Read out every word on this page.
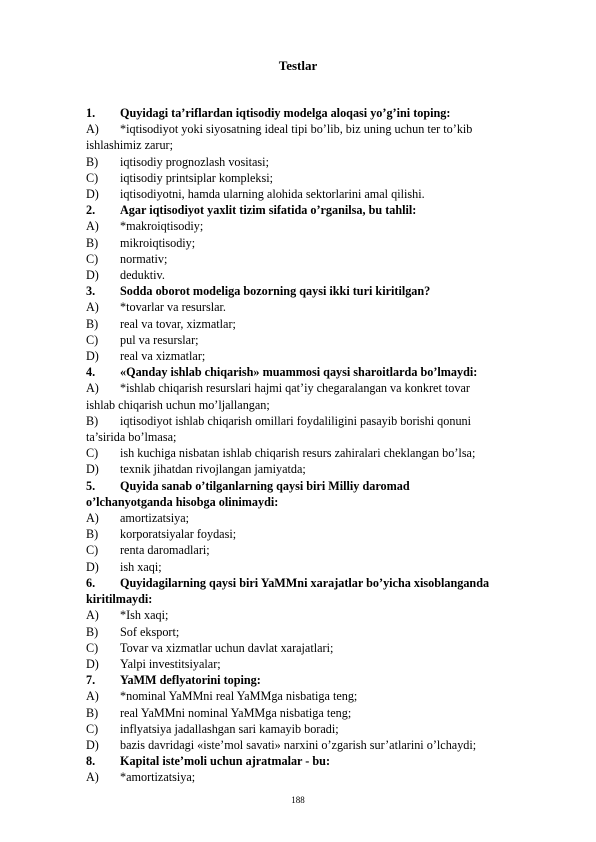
Testlar
1. Quyidagi ta’riflardan iqtisodiy modelga aloqasi yo’g’ini toping:
A) *iqtisodiyot yoki siyosatning ideal tipi bo’lib, biz uning uchun ter to’kib
ishlashimiz zarur;
B) iqtisodiy prognozlash vositasi;
C) iqtisodiy printsiplar kompleksi;
D) iqtisodiyotni, hamda ularning alohida sektorlarini amal qilishi.
2. Agar iqtisodiyot yaxlit tizim sifatida o’rganilsa, bu tahlil:
A) *makroiqtisodiy;
B) mikroiqtisodiy;
C) normativ;
D) deduktiv.
3. Sodda oborot modeliga bozorning qaysi ikki turi kiritilgan?
A) *tovarlar va resurslar.
B) real va tovar, xizmatlar;
C) pul va resurslar;
D) real va xizmatlar;
4. «Qanday ishlab chiqarish» muammosi qaysi sharoitlarda bo’lmaydi:
A) *ishlab chiqarish resurslari hajmi qat’iy chegaralangan va konkret tovar
ishlab chiqarish uchun mo’ljallangan;
B) iqtisodiyot ishlab chiqarish omillari foydaliligini pasayib borishi qonuni
ta’sirida bo’lmasa;
C) ish kuchiga nisbatan ishlab chiqarish resurs zahiralari cheklangan bo’lsa;
D) texnik jihatdan rivojlangan jamiyatda;
5. Quyida sanab o’tilganlarning qaysi biri Milliy daromad
o’lchanyotganda hisobga olinimaydi:
A) amortizatsiya;
B) korporatsiyalar foydasi;
C) renta daromadlari;
D) ish xaqi;
6. Quyidagilarning qaysi biri YaMMni xarajatlar bo’yicha xisoblanganda
kiritilmaydi:
A) *Ish xaqi;
B) Sof eksport;
C) Tovar va xizmatlar uchun davlat xarajatlari;
D) Yalpi investitsiyalar;
7. YaMM deflyatorini toping:
A) *nominal YaMMni real YaMMga nisbatiga teng;
B) real YaMMni nominal YaMMga nisbatiga teng;
C) inflyatsiya jadallashgan sari kamayib boradi;
D) bazis davridagi «iste’mol savati» narxini o’zgarish sur’atlarini o’lchaydi;
8. Kapital iste’moli uchun ajratmalar - bu:
A) *amortizatsiya;
188
